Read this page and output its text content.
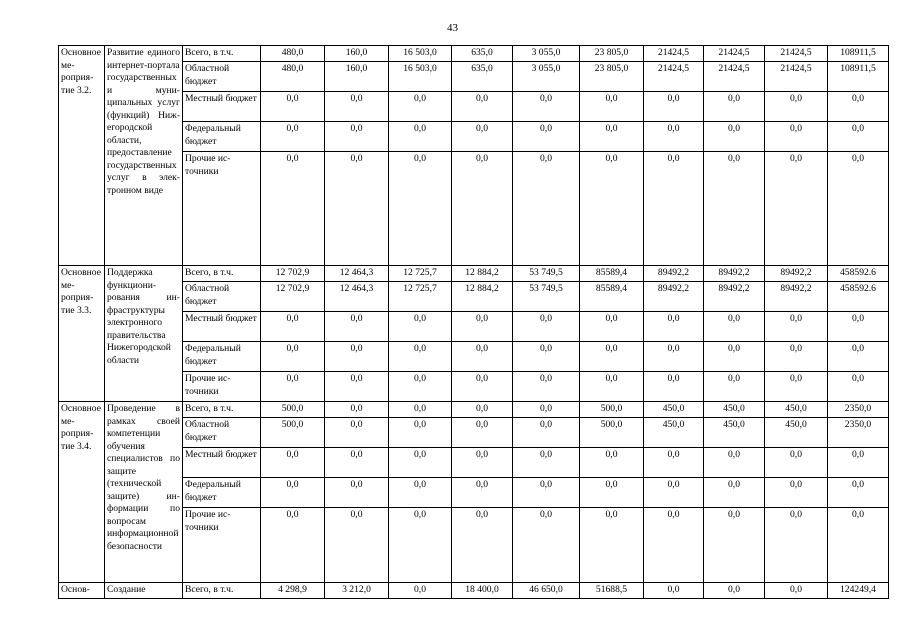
43
Основное мероприятие 3.2.	Развитие единого интернет-портала государственных и муниципальных услуг (функций) Нижегородской области, предоставление государственных услуг в электронном виде	Всего, в т.ч.	480,0	160,0	16 503,0	635,0	3 055,0	23 805,0	21424,5	21424,5	21424,5	108911,5
		Областной бюджет	480,0	160,0	16 503,0	635,0	3 055,0	23 805,0	21424,5	21424,5	21424,5	108911,5
		Местный бюджет	0,0	0,0	0,0	0,0	0,0	0,0	0,0	0,0	0,0	0,0
		Федеральный бюджет	0,0	0,0	0,0	0,0	0,0	0,0	0,0	0,0	0,0	0,0
		Прочие источники	0,0	0,0	0,0	0,0	0,0	0,0	0,0	0,0	0,0	0,0
Основное мероприятие 3.3.	Поддержка функционирования инфраструктуры электронного правительства Нижегородской области	Всего, в т.ч.	12 702,9	12 464,3	12 725,7	12 884,2	53 749,5	85589,4	89492,2	89492,2	89492,2	458592.6
		Областной бюджет	12 702,9	12 464,3	12 725,7	12 884,2	53 749,5	85589,4	89492,2	89492,2	89492,2	458592.6
		Местный бюджет	0,0	0,0	0,0	0,0	0,0	0,0	0,0	0,0	0,0	0,0
		Федеральный бюджет	0,0	0,0	0,0	0,0	0,0	0,0	0,0	0,0	0,0	0,0
		Прочие источники	0,0	0,0	0,0	0,0	0,0	0,0	0,0	0,0	0,0	0,0
Основное мероприятие 3.4.	Проведение в рамках своей компетенции обучения специалистов по защите (технической защите) информации по вопросам информационной безопасности	Всего, в т.ч.	500,0	0,0	0,0	0,0	0,0	500,0	450,0	450,0	450,0	2350,0
		Областной бюджет	500,0	0,0	0,0	0,0	0,0	500,0	450,0	450,0	450,0	2350,0
		Местный бюджет	0,0	0,0	0,0	0,0	0,0	0,0	0,0	0,0	0,0	0,0
		Федеральный бюджет	0,0	0,0	0,0	0,0	0,0	0,0	0,0	0,0	0,0	0,0
		Прочие источники	0,0	0,0	0,0	0,0	0,0	0,0	0,0	0,0	0,0	0,0
Основ-	Создание	Всего, в т.ч.	4 298,9	3 212,0	0,0	18 400,0	46 650,0	51688,5	0,0	0,0	0,0	124249,4
